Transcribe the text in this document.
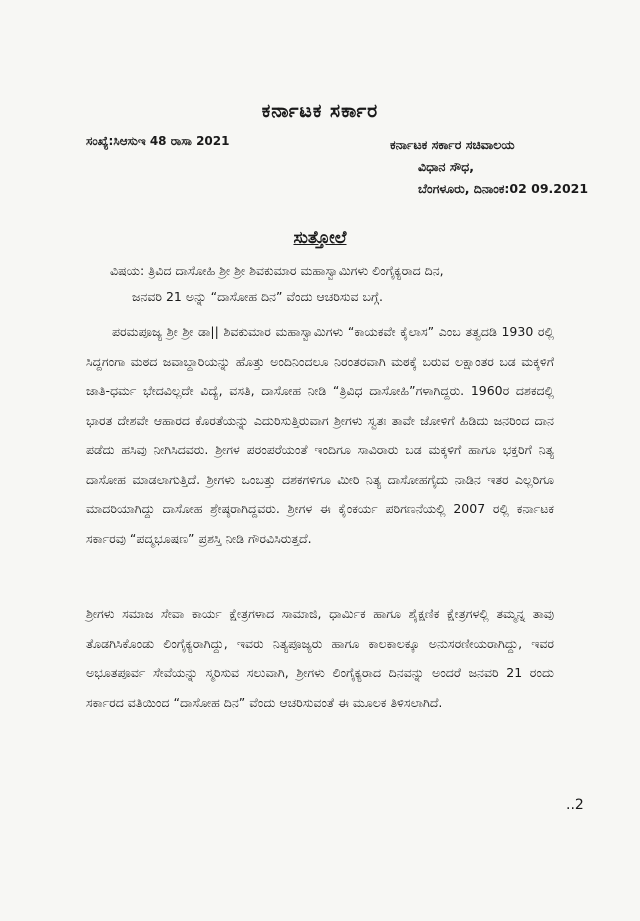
ಕರ್ನಾಟಕ ಸರ್ಕಾರ
ಸಂಖ್ಯೆ:ಸಿಆಸುಇ 48 ರಾಸಾ 2021	ಕರ್ನಾಟಕ ಸರ್ಕಾರ ಸಚಿವಾಲಯ
ವಿಧಾನ ಸೌಧ,
ಬೆಂಗಳೂರು, ದಿನಾಂಕ:02 09.2021
ಸುತ್ತೋಲೆ
ವಿಷಯ: ತ್ರಿವಿದ ದಾಸೋಹಿ ಶ್ರೀ ಶ್ರೀ ಶಿವಕುಮಾರ ಮಹಾಸ್ವಾಮಿಗಳು ಲಿಂಗೈಕ್ಯರಾದ ದಿನ,
ಜನವರಿ 21 ಅನ್ನು “ದಾಸೋಹ ದಿನ” ವೆಂದು ಆಚರಿಸುವ ಬಗ್ಗೆ.
ಪರಮಪೂಜ್ಯ ಶ್ರೀ ಶ್ರೀ ಡಾ|| ಶಿವಕುಮಾರ ಮಹಾಸ್ವಾಮಿಗಳು “ಕಾಯಕವೇ ಕೈಲಾಸ” ಎಂಬ ತತ್ವದಡಿ 1930 ರಲ್ಲಿ ಸಿದ್ದಗಂಗಾ ಮಠದ ಜವಾಬ್ದಾರಿಯನ್ನು ಹೊತ್ತು ಅಂದಿನಿಂದಲೂ ನಿರಂತರವಾಗಿ ಮಠಕ್ಕೆ ಬರುವ ಲಕ್ಷಾಂತರ ಬಡ ಮಕ್ಕಳಿಗೆ ಜಾತಿ-ಧರ್ಮ ಭೇದವಿಲ್ಲದೇ ವಿದ್ಯೆ, ವಸತಿ, ದಾಸೋಹ ನೀಡಿ “ತ್ರಿವಿಧ ದಾಸೋಹಿ”ಗಳಾಗಿದ್ದರು. 1960ರ ದಶಕದಲ್ಲಿ ಭಾರತ ದೇಶವೇ ಆಹಾರದ ಕೊರತೆಯನ್ನು ಎದುರಿಸುತ್ತಿರುವಾಗ ಶ್ರೀಗಳು ಸ್ವತಃ ತಾವೇ ಜೋಳಿಗೆ ಹಿಡಿದು ಜನರಿಂದ ದಾನ ಪಡೆದು ಹಸಿವು ನೀಗಿಸಿದವರು. ಶ್ರೀಗಳ ಪರಂಪರೆಯಂತೆ ಇಂದಿಗೂ ಸಾವಿರಾರು ಬಡ ಮಕ್ಕಳಿಗೆ ಹಾಗೂ ಭಕ್ತರಿಗೆ ನಿತ್ಯ ದಾಸೋಹ ಮಾಡಲಾಗುತ್ತಿದೆ. ಶ್ರೀಗಳು ಒಂಬತ್ತು ದಶಕಗಳಿಗೂ ಮೀರಿ ನಿತ್ಯ ದಾಸೋಹಗೈದು ನಾಡಿನ ಇತರ ಎಲ್ಲರಿಗೂ ಮಾದರಿಯಾಗಿದ್ದು ದಾಸೋಹ ಶ್ರೇಷ್ಠರಾಗಿದ್ದವರು. ಶ್ರೀಗಳ ಈ ಕೈಂಕರ್ಯ ಪರಿಗಣನೆಯಲ್ಲಿ 2007 ರಲ್ಲಿ ಕರ್ನಾಟಕ ಸರ್ಕಾರವು “ಪದ್ಮಭೂಷಣ” ಪ್ರಶಸ್ತಿ ನೀಡಿ ಗೌರವಿಸಿರುತ್ತದೆ.
ಶ್ರೀಗಳು ಸಮಾಜ ಸೇವಾ ಕಾರ್ಯ ಕ್ಷೇತ್ರಗಳಾದ ಸಾಮಾಜಿ, ಧಾರ್ಮಿಕ ಹಾಗೂ ಶೈಕ್ಷಣಿಕ ಕ್ಷೇತ್ರಗಳಲ್ಲಿ ತಮ್ಮನ್ನ ತಾವು ತೊಡಗಿಸಿಕೊಂಡು ಲಿಂಗೈಕ್ಯರಾಗಿದ್ದು, ಇವರು ನಿತ್ಯಪೂಜ್ಯರು ಹಾಗೂ ಕಾಲಕಾಲಕ್ಕೂ ಅನುಸರಣೀಯರಾಗಿದ್ದು, ಇವರ ಅಭೂತಪೂರ್ವ ಸೇವೆಯನ್ನು ಸ್ಮರಿಸುವ ಸಲುವಾಗಿ, ಶ್ರೀಗಳು ಲಿಂಗೈಕ್ಯರಾದ ದಿನವನ್ನು ಅಂದರೆ ಜನವರಿ 21 ರಂದು ಸರ್ಕಾರದ ವತಿಯಿಂದ “ದಾಸೋಹ ದಿನ” ವೆಂದು ಆಚರಿಸುವಂತೆ ಈ ಮೂಲಕ ತಿಳಿಸಲಾಗಿದೆ.
..2
